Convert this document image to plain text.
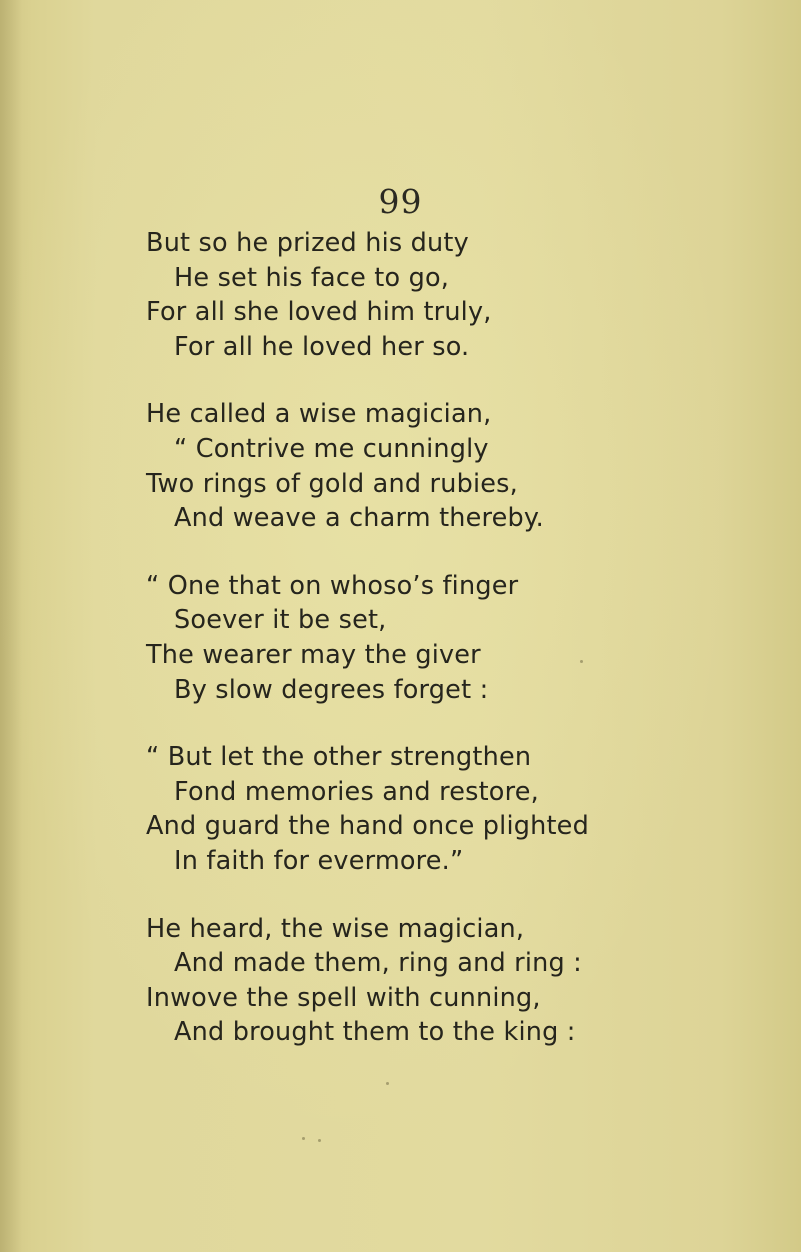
99
But so he prized his duty
He set his face to go,
For all she loved him truly,
For all he loved her so.
He called a wise magician,
“ Contrive me cunningly
Two rings of gold and rubies,
And weave a charm thereby.
“ One that on whoso’s finger
Soever it be set,
The wearer may the giver
By slow degrees forget :
“ But let the other strengthen
Fond memories and restore,
And guard the hand once plighted
In faith for evermore.”
He heard, the wise magician,
And made them, ring and ring :
Inwove the spell with cunning,
And brought them to the king :
